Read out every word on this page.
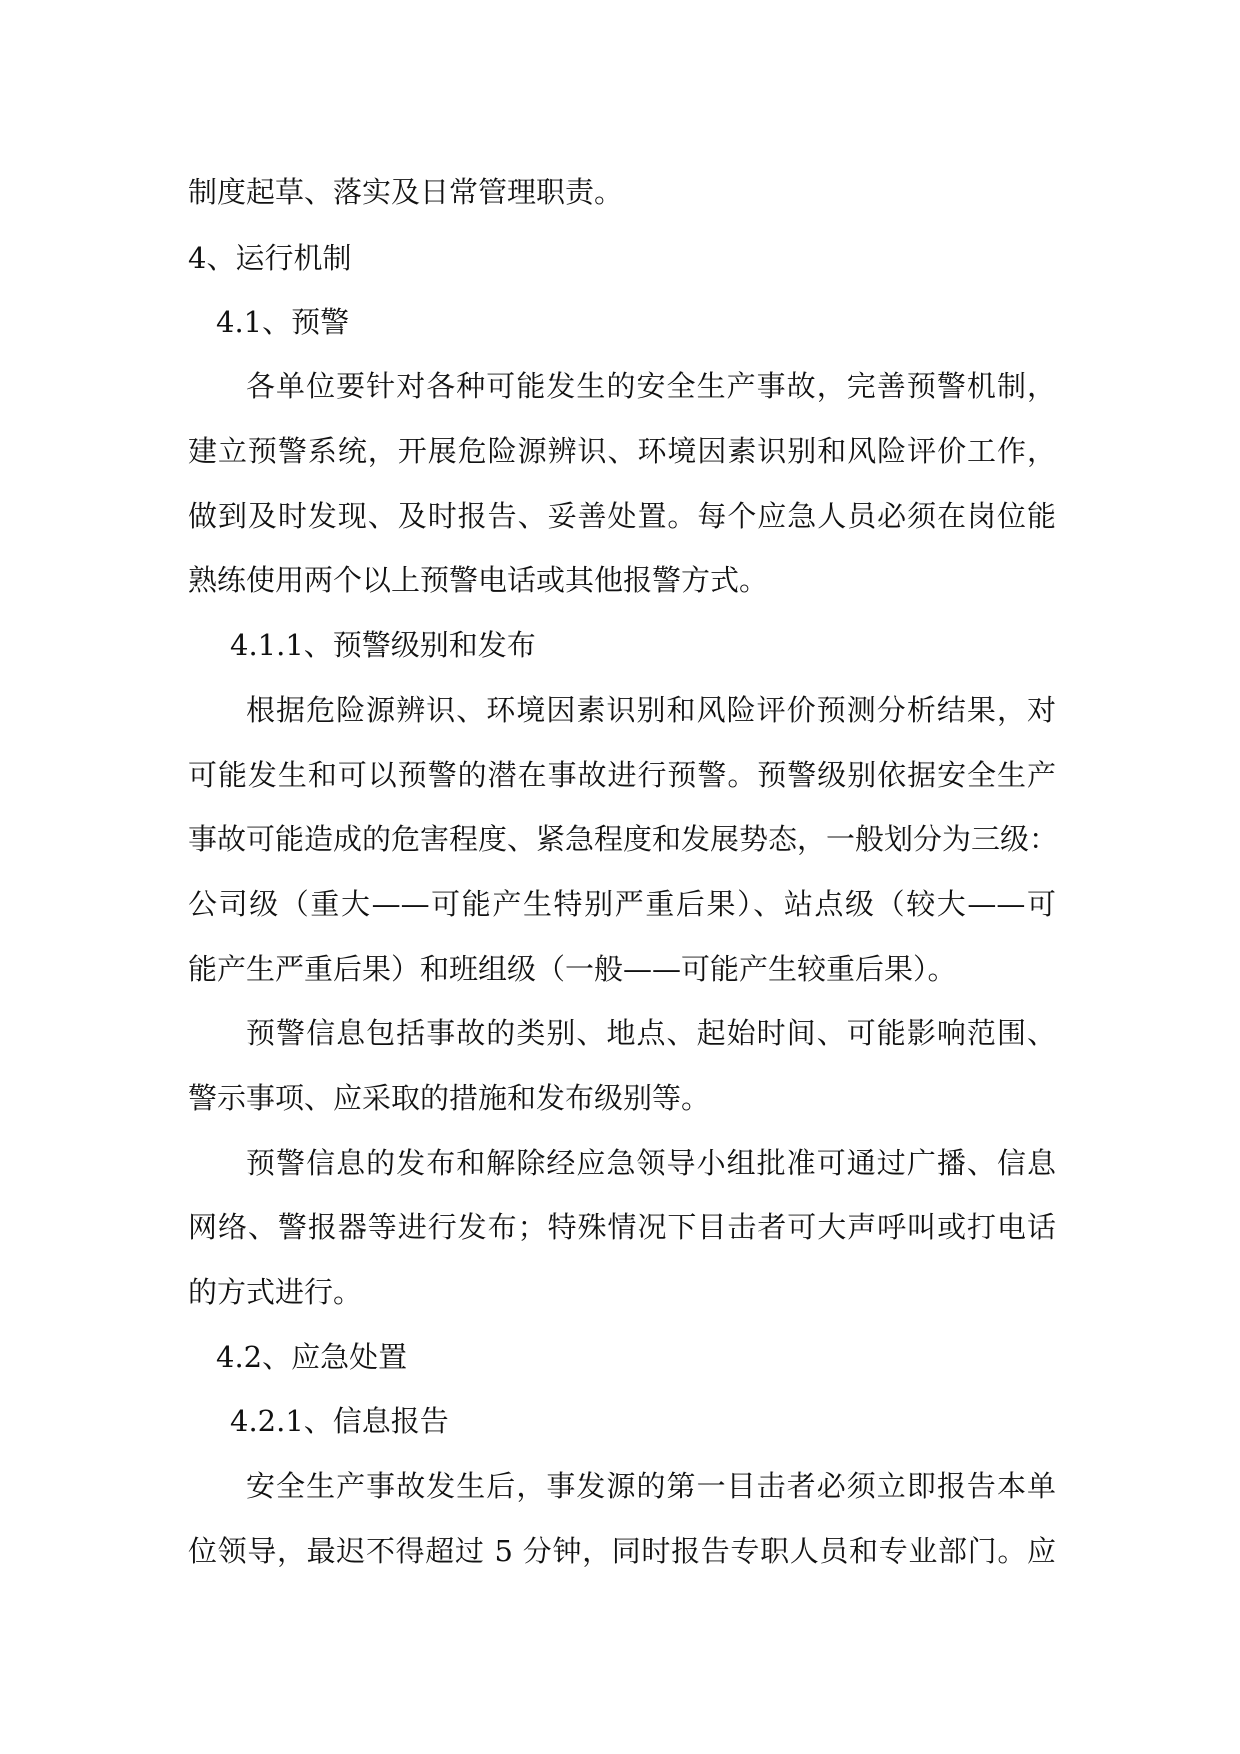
制度起草、落实及日常管理职责。
4、运行机制
4.1、预警
各单位要针对各种可能发生的安全生产事故，完善预警机制，
建立预警系统，开展危险源辨识、环境因素识别和风险评价工作，
做到及时发现、及时报告、妥善处置。每个应急人员必须在岗位能
熟练使用两个以上预警电话或其他报警方式。
4.1.1、预警级别和发布
根据危险源辨识、环境因素识别和风险评价预测分析结果，对
可能发生和可以预警的潜在事故进行预警。预警级别依据安全生产
事故可能造成的危害程度、紧急程度和发展势态，一般划分为三级：
公司级（重大——可能产生特别严重后果）、站点级（较大——可
能产生严重后果）和班组级（一般——可能产生较重后果）。
预警信息包括事故的类别、地点、起始时间、可能影响范围、
警示事项、应采取的措施和发布级别等。
预警信息的发布和解除经应急领导小组批准可通过广播、信息
网络、警报器等进行发布；特殊情况下目击者可大声呼叫或打电话
的方式进行。
4.2、应急处置
4.2.1、信息报告
安全生产事故发生后，事发源的第一目击者必须立即报告本单
位领导，最迟不得超过 5 分钟，同时报告专职人员和专业部门。应
